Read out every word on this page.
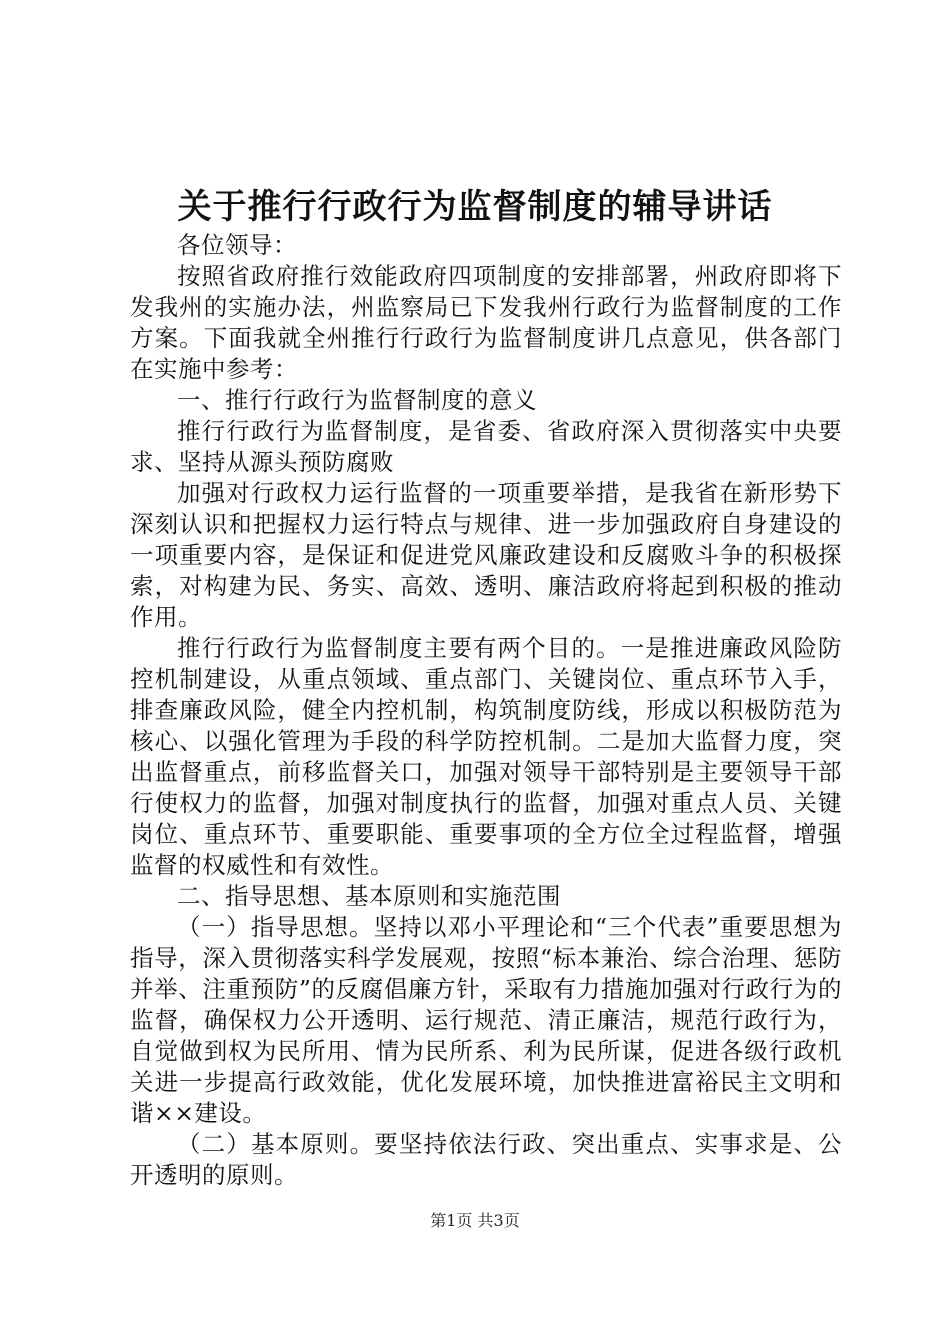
关于推行行政行为监督制度的辅导讲话

各位领导：

按照省政府推行效能政府四项制度的安排部署，州政府即将下发我州的实施办法，州监察局已下发我州行政行为监督制度的工作方案。下面我就全州推行行政行为监督制度讲几点意见，供各部门在实施中参考：

一、推行行政行为监督制度的意义

推行行政行为监督制度，是省委、省政府深入贯彻落实中央要求、坚持从源头预防腐败

加强对行政权力运行监督的一项重要举措，是我省在新形势下深刻认识和把握权力运行特点与规律、进一步加强政府自身建设的一项重要内容，是保证和促进党风廉政建设和反腐败斗争的积极探索，对构建为民、务实、高效、透明、廉洁政府将起到积极的推动作用。

推行行政行为监督制度主要有两个目的。一是推进廉政风险防控机制建设，从重点领域、重点部门、关键岗位、重点环节入手，排查廉政风险，健全内控机制，构筑制度防线，形成以积极防范为核心、以强化管理为手段的科学防控机制。二是加大监督力度，突出监督重点，前移监督关口，加强对领导干部特别是主要领导干部行使权力的监督，加强对制度执行的监督，加强对重点人员、关键岗位、重点环节、重要职能、重要事项的全方位全过程监督，增强监督的权威性和有效性。

二、指导思想、基本原则和实施范围

（一）指导思想。坚持以邓小平理论和“三个代表”重要思想为指导，深入贯彻落实科学发展观，按照“标本兼治、综合治理、惩防并举、注重预防”的反腐倡廉方针，采取有力措施加强对行政行为的监督，确保权力公开透明、运行规范、清正廉洁，规范行政行为，自觉做到权为民所用、情为民所系、利为民所谋，促进各级行政机关进一步提高行政效能，优化发展环境，加快推进富裕民主文明和谐××建设。

（二）基本原则。要坚持依法行政、突出重点、实事求是、公开透明的原则。

第1页 共3页
